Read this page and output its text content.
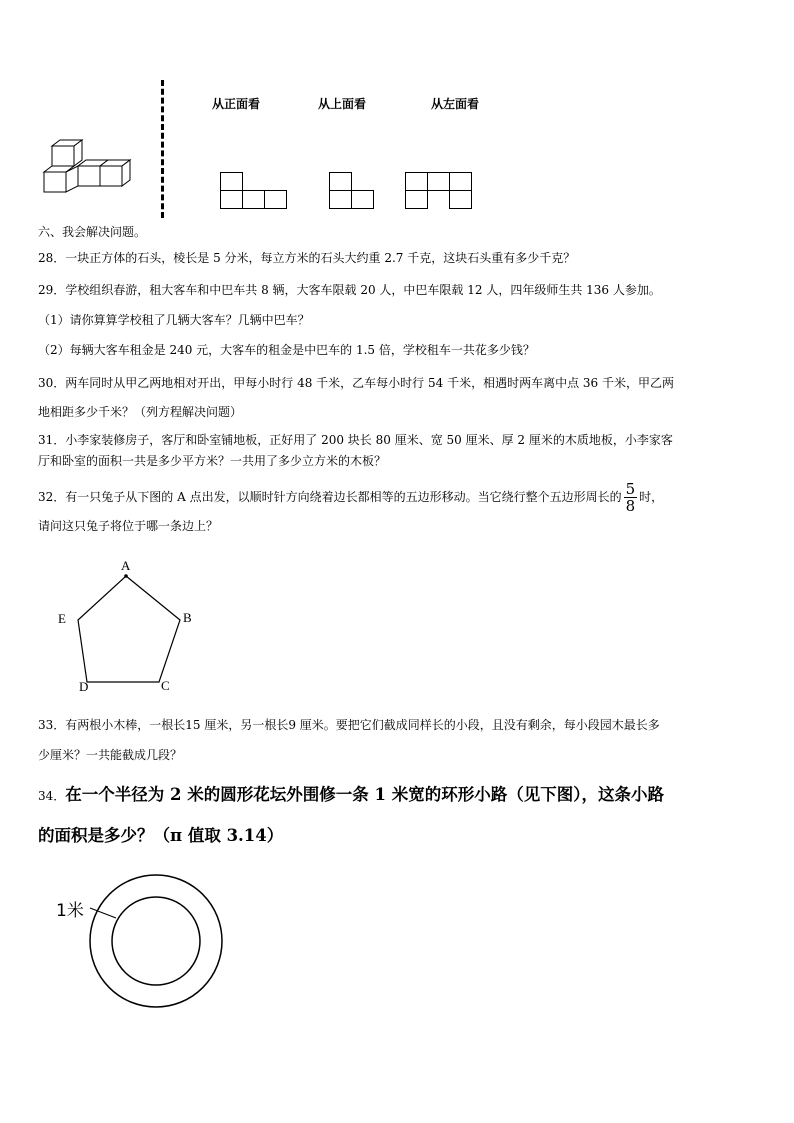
从正面看	从上面看	从左面看
六、我会解决问题。
28．一块正方体的石头，棱长是 5 分米，每立方米的石头大约重 2.7 千克，这块石头重有多少千克？
29．学校组织春游，租大客车和中巴车共 8 辆，大客车限载 20 人，中巴车限载 12 人，四年级师生共 136 人参加。
（1）请你算算学校租了几辆大客车？几辆中巴车？
（2）每辆大客车租金是 240 元，大客车的租金是中巴车的 1.5 倍，学校租车一共花多少钱？
30．两车同时从甲乙两地相对开出，甲每小时行 48 千米，乙车每小时行 54 千米，相遇时两车离中点 36 千米，甲乙两
地相距多少千米？（列方程解决问题）
31．小李家装修房子，客厅和卧室铺地板，正好用了 200 块长 80 厘米、宽 50 厘米、厚 2 厘米的木质地板，小李家客
厅和卧室的面积一共是多少平方米？一共用了多少立方米的木板？
32．有一只兔子从下图的 A 点出发，以顺时针方向绕着边长都相等的五边形移动。当它绕行整个五边形周长的 $\frac{5}{8}$ 时，
请问这只兔子将位于哪一条边上？
A
B
C
D
E
33．有两根小木棒，一根长15 厘米，另一根长9 厘米。要把它们截成同样长的小段，且没有剩余，每小段园木最长多
少厘米？一共能截成几段？
34．在一个半径为 2 米的圆形花坛外围修一条 1 米宽的环形小路（见下图），这条小路
的面积是多少？（π 值取 3.14）
1米
